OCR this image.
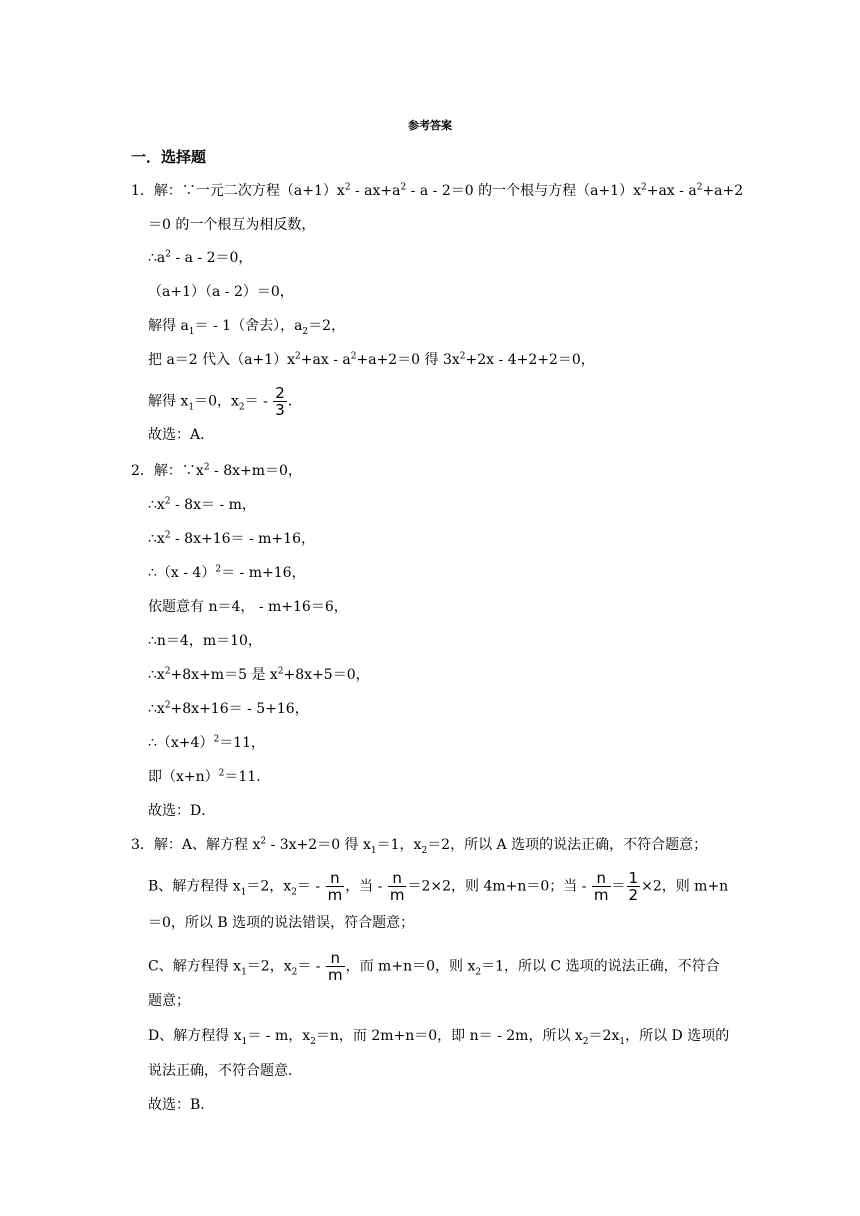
参考答案
一．选择题
1．解：∵一元二次方程$(a+1)x^2 - ax+a^2 - a - 2=0$ 的一个根与方程$(a+1)x^2+ax - a^2+a+2$
＝0 的一个根互为相反数，
$\therefore a^2 - a - 2=0$，
（a+1）（a - 2）＝0，
解得 $a_1= - 1$（舍去），$a_2=2$，
把 a＝2 代入$(a+1)x^2+ax - a^2+a+2=0$ 得 $3x^2+2x - 4+2+2=0$，
解得 $x_1=0$，$x_2= - \frac{2}{3}$ ．
故选：A．
2．解：$\because x^2 - 8x+m=0$，
$\therefore x^2 - 8x= - m$，
$\therefore x^2 - 8x+16= - m+16$，
∴（x - 4）$^2$＝ - m+16，
依题意有 n＝4， - m+16＝6，
∴n＝4，m＝10，
$\therefore x^2+8x+m=5$ 是 $x^2+8x+5=0$，
$\therefore x^2+8x+16= - 5+16$，
$\therefore(x+4)^2=11$，
即$(x+n)^2=11$．
故选：D．
3．解：A、解方程 $x^2 - 3x+2=0$ 得 $x_1=1$，$x_2=2$，所以 A 选项的说法正确，不符合题意；
B、解方程得 $x_1=2$，$x_2= - \frac{n}{m}$ ，当 - $\frac{n}{m} =2\times 2$，则 4m+n＝0；当 - $\frac{n}{m} = \frac{1}{2} \times 2$，则 m+n
＝0，所以 B 选项的说法错误，符合题意；
C、解方程得 $x_1=2$，$x_2= - \frac{n}{m}$ ，而 m+n＝0，则 $x_2=1$，所以 C 选项的说法正确，不符合
题意；
D、解方程得 $x_1= - m$，$x_2=n$，而 2m+n＝0，即 n＝ - 2m，所以 $x_2=2x_1$，所以 D 选项的
说法正确，不符合题意．
故选：B．
